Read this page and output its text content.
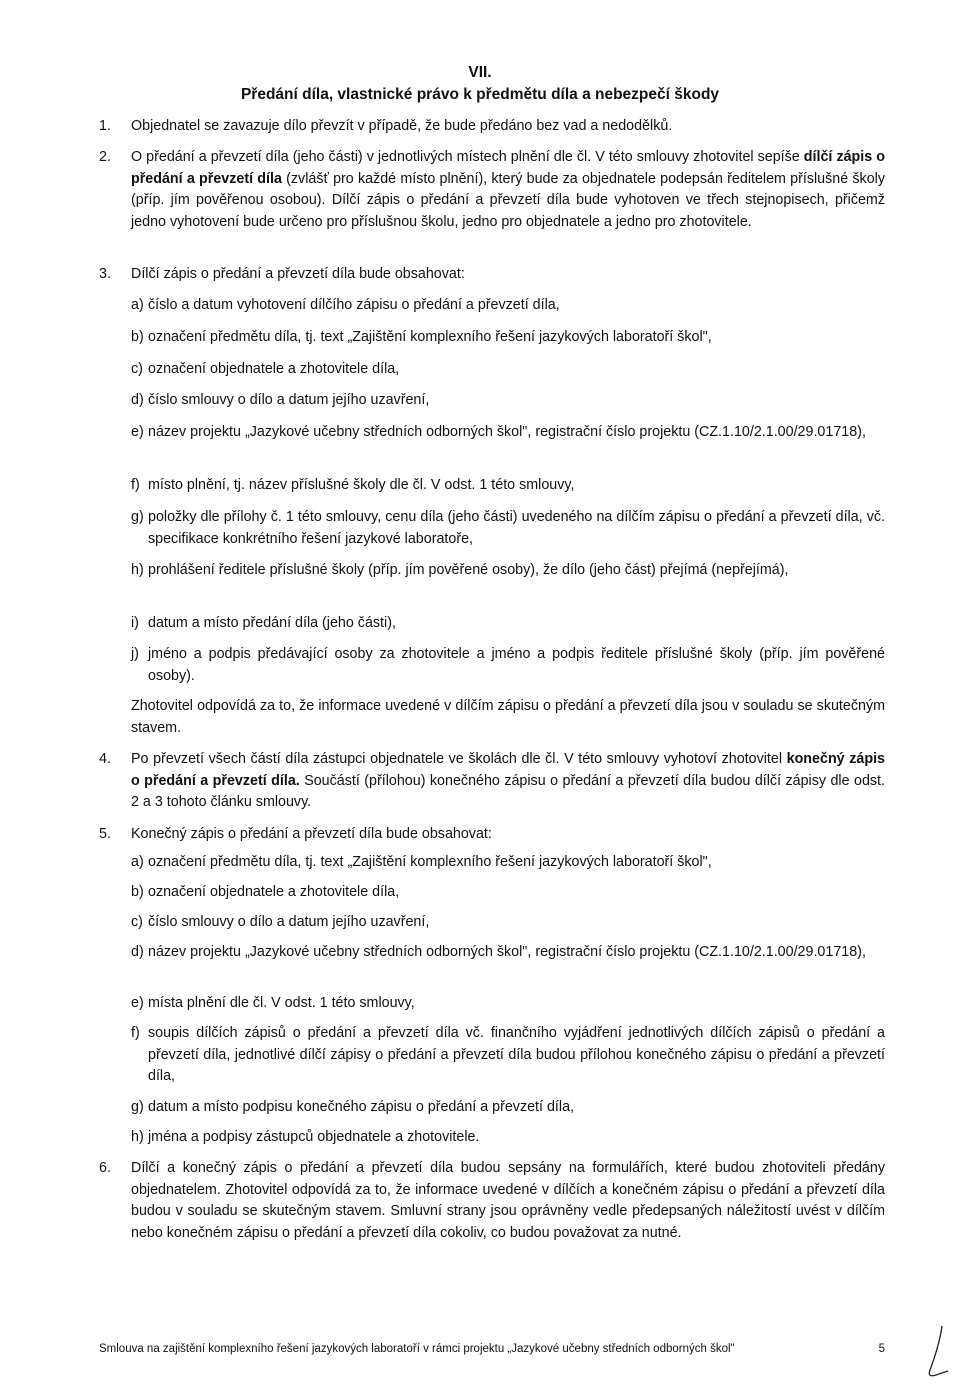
VII.
Předání díla, vlastnické právo k předmětu díla a nebezpečí škody
1. Objednatel se zavazuje dílo převzít v případě, že bude předáno bez vad a nedodělků.
2. O předání a převzetí díla (jeho části) v jednotlivých místech plnění dle čl. V této smlouvy zhotovitel sepíše dílčí zápis o předání a převzetí díla (zvlášť pro každé místo plnění), který bude za objednatele podepsán ředitelem příslušné školy (příp. jím pověřenou osobou). Dílčí zápis o předání a převzetí díla bude vyhotoven ve třech stejnopisech, přičemž jedno vyhotovení bude určeno pro příslušnou školu, jedno pro objednatele a jedno pro zhotovitele.
3. Dílčí zápis o předání a převzetí díla bude obsahovat:
a) číslo a datum vyhotovení dílčího zápisu o předání a převzetí díla,
b) označení předmětu díla, tj. text „Zajištění komplexního řešení jazykových laboratoří škol",
c) označení objednatele a zhotovitele díla,
d) číslo smlouvy o dílo a datum jejího uzavření,
e) název projektu „Jazykové učebny středních odborných škol", registrační číslo projektu (CZ.1.10/2.1.00/29.01718),
f) místo plnění, tj. název příslušné školy dle čl. V odst. 1 této smlouvy,
g) položky dle přílohy č. 1 této smlouvy, cenu díla (jeho části) uvedeného na dílčím zápisu o předání a převzetí díla, vč. specifikace konkrétního řešení jazykové laboratoře,
h) prohlášení ředitele příslušné školy (příp. jím pověřené osoby), že dílo (jeho část) přejímá (nepřejímá),
i) datum a místo předání díla (jeho části),
j) jméno a podpis předávající osoby za zhotovitele a jméno a podpis ředitele příslušné školy (příp. jím pověřené osoby).
Zhotovitel odpovídá za to, že informace uvedené v dílčím zápisu o předání a převzetí díla jsou v souladu se skutečným stavem.
4. Po převzetí všech částí díla zástupci objednatele ve školách dle čl. V této smlouvy vyhotoví zhotovitel konečný zápis o předání a převzetí díla. Součástí (přílohou) konečného zápisu o předání a převzetí díla budou dílčí zápisy dle odst. 2 a 3 tohoto článku smlouvy.
5. Konečný zápis o předání a převzetí díla bude obsahovat:
a) označení předmětu díla, tj. text „Zajištění komplexního řešení jazykových laboratoří škol",
b) označení objednatele a zhotovitele díla,
c) číslo smlouvy o dílo a datum jejího uzavření,
d) název projektu „Jazykové učebny středních odborných škol", registrační číslo projektu (CZ.1.10/2.1.00/29.01718),
e) místa plnění dle čl. V odst. 1 této smlouvy,
f) soupis dílčích zápisů o předání a převzetí díla vč. finančního vyjádření jednotlivých dílčích zápisů o předání a převzetí díla, jednotlivé dílčí zápisy o předání a převzetí díla budou přílohou konečného zápisu o předání a převzetí díla,
g) datum a místo podpisu konečného zápisu o předání a převzetí díla,
h) jména a podpisy zástupců objednatele a zhotovitele.
6. Dílčí a konečný zápis o předání a převzetí díla budou sepsány na formulářích, které budou zhotoviteli předány objednatelem. Zhotovitel odpovídá za to, že informace uvedené v dílčích a konečném zápisu o předání a převzetí díla budou v souladu se skutečným stavem. Smluvní strany jsou oprávněny vedle předepsaných náležitostí uvést v dílčím nebo konečném zápisu o předání a převzetí díla cokoliv, co budou považovat za nutné.
Smlouva na zajištění komplexního řešení jazykových laboratoří v rámci projektu „Jazykové učebny středních odborných škol"	5
